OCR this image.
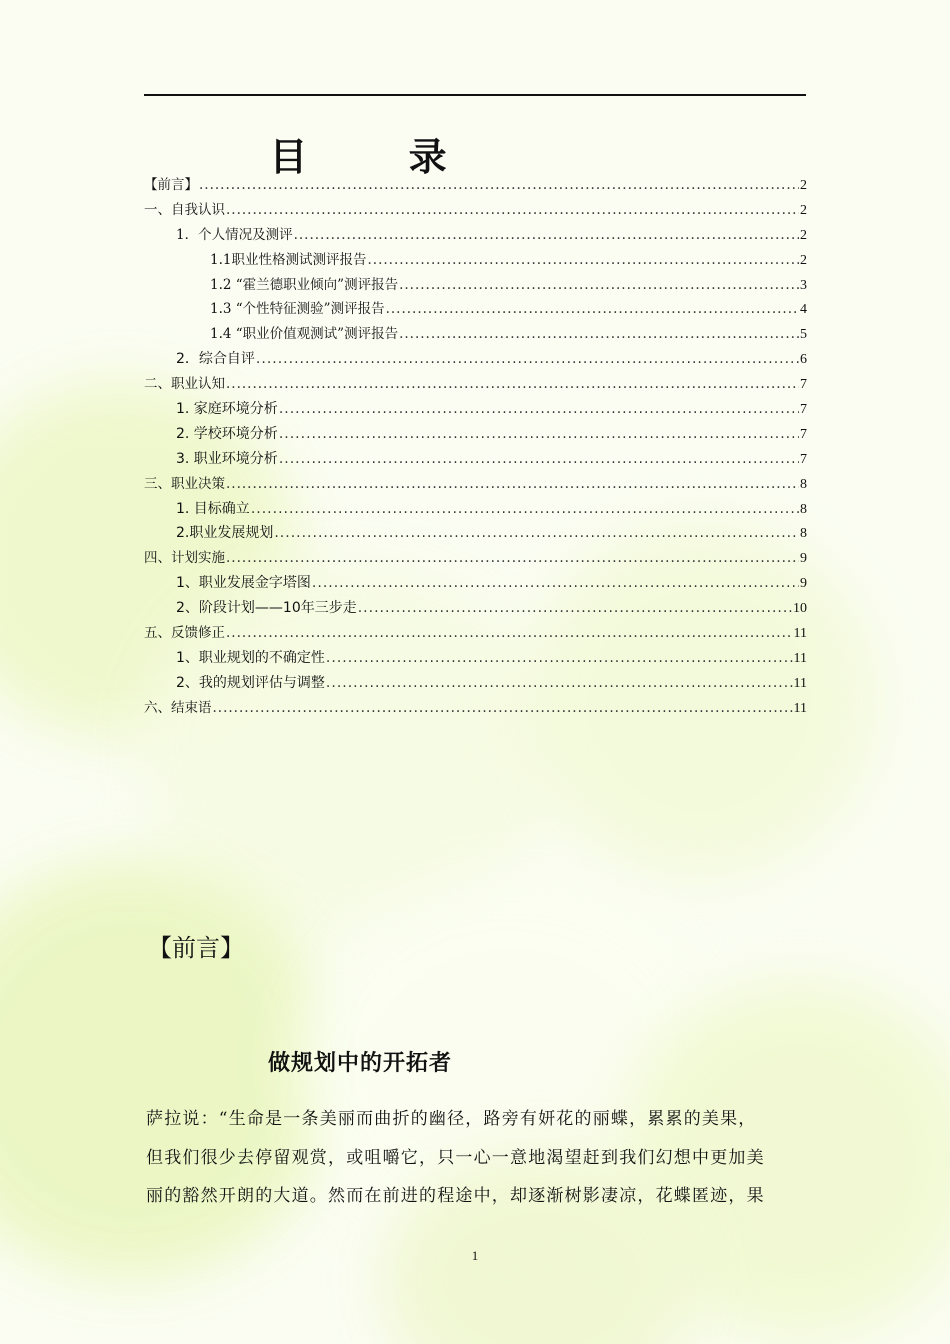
目 录
【前言】 .....	2
一、自我认识 .....	2
1．个人情况及测评 .....	2
1.1职业性格测试测评报告 .....	2
1.2 “霍兰德职业倾向”测评报告 .....	3
1.3 “个性特征测验”测评报告 .....	4
1.4 “职业价值观测试”测评报告 .....	5
2．综合自评 .....	6
二、职业认知 .....	7
1. 家庭环境分析 .....	7
2. 学校环境分析 .....	7
3. 职业环境分析 .....	7
三、职业决策 .....	8
1. 目标确立 .....	8
2.职业发展规划 .....	8
四、计划实施 .....	9
1、职业发展金字塔图 .....	9
2、阶段计划——10年三步走 .....	10
五、反馈修正 .....	11
1、职业规划的不确定性 .....	11
2、我的规划评估与调整 .....	11
六、结束语 .....	11
【前言】
做规划中的开拓者

萨拉说：“生命是一条美丽而曲折的幽径，路旁有妍花的丽蝶，累累的美果，

但我们很少去停留观赏，或咀嚼它，只一心一意地渴望赶到我们幻想中更加美

丽的豁然开朗的大道。然而在前进的程途中，却逐渐树影凄凉，花蝶匿迹，果

1
